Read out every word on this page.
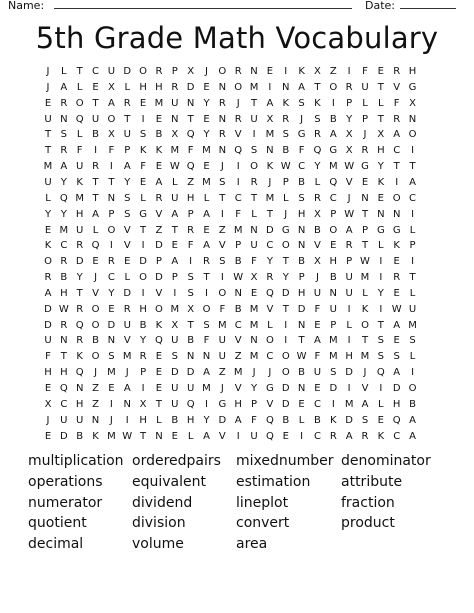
Name:	Date:
5th Grade Math Vocabulary
J	L	T C U D O R P X	J	O R N E	I	K X Z	I	F E R H
J	A L E X L H H R D E N O M	I	N A T O R U T V G
E R O T A R E M U N Y R	J	T A K S K	I	P	L	L	F X
U N Q U O T	I	E N T E N R U X R	J	S B Y P T R N
T S L B X U S B X Q Y R V	I	M S G R A X	J	X A O
T R F	I	F P K K M F M N Q S N B F Q G X R H C	I
M A U R	I	A F E W Q E	J	I	O K W C Y M W G Y T T
U Y K T T Y E A L Z M S	I	R	J	P B L Q V E K	I	A
L Q M T N S L R U H L	T C T M L S R C	J	N E O C
Y Y H A P S G V A P A	I	F	L	T	J	H X P W T N N	I
E M U L O V T Z T R E Z M N D G N B O A P G G L
K C R Q	I	V	I	D E F A V P U C O N V E R T	L K P
O R D E R E D P A	I	R S B F Y T B X H P W I	E	I
R B Y	J	C L O D P S T	I W X R Y P	J	B U M	I	R T
A H T V Y D	I	V	I	S	I	O N E Q D H U N U L	Y E L
D W R O E R H O M X O F B M V T D F U	I	K	I W U
D R Q O D U B K X T S M C M L	I	N E P	L O T A M
U N R B N V Y Q U B F U V N O	I	T A M	I	T S E S
F T K O S M R E S N N U Z M C O W F M H M S S L
H H Q	J	M	J	P E D D A Z M	J	J	O B U S D	J	Q A	I
E Q N Z E A	I	E U U M	J	V Y G D N E D	I	V	I	D O
X C H Z	I	N X T U Q	I	G H P V D E C	I	M A L H B
J	U U N	J	I	H L B H Y D A F Q B L B K D S E Q A
E D B K M W T N E L A V	I	U Q E	I	C R A R K C A
multiplication orderedpairs mixednumber denominator
operations equivalent estimation attribute
numerator dividend	lineplot	fraction
quotient	division	convert	product
decimal	volume	area
